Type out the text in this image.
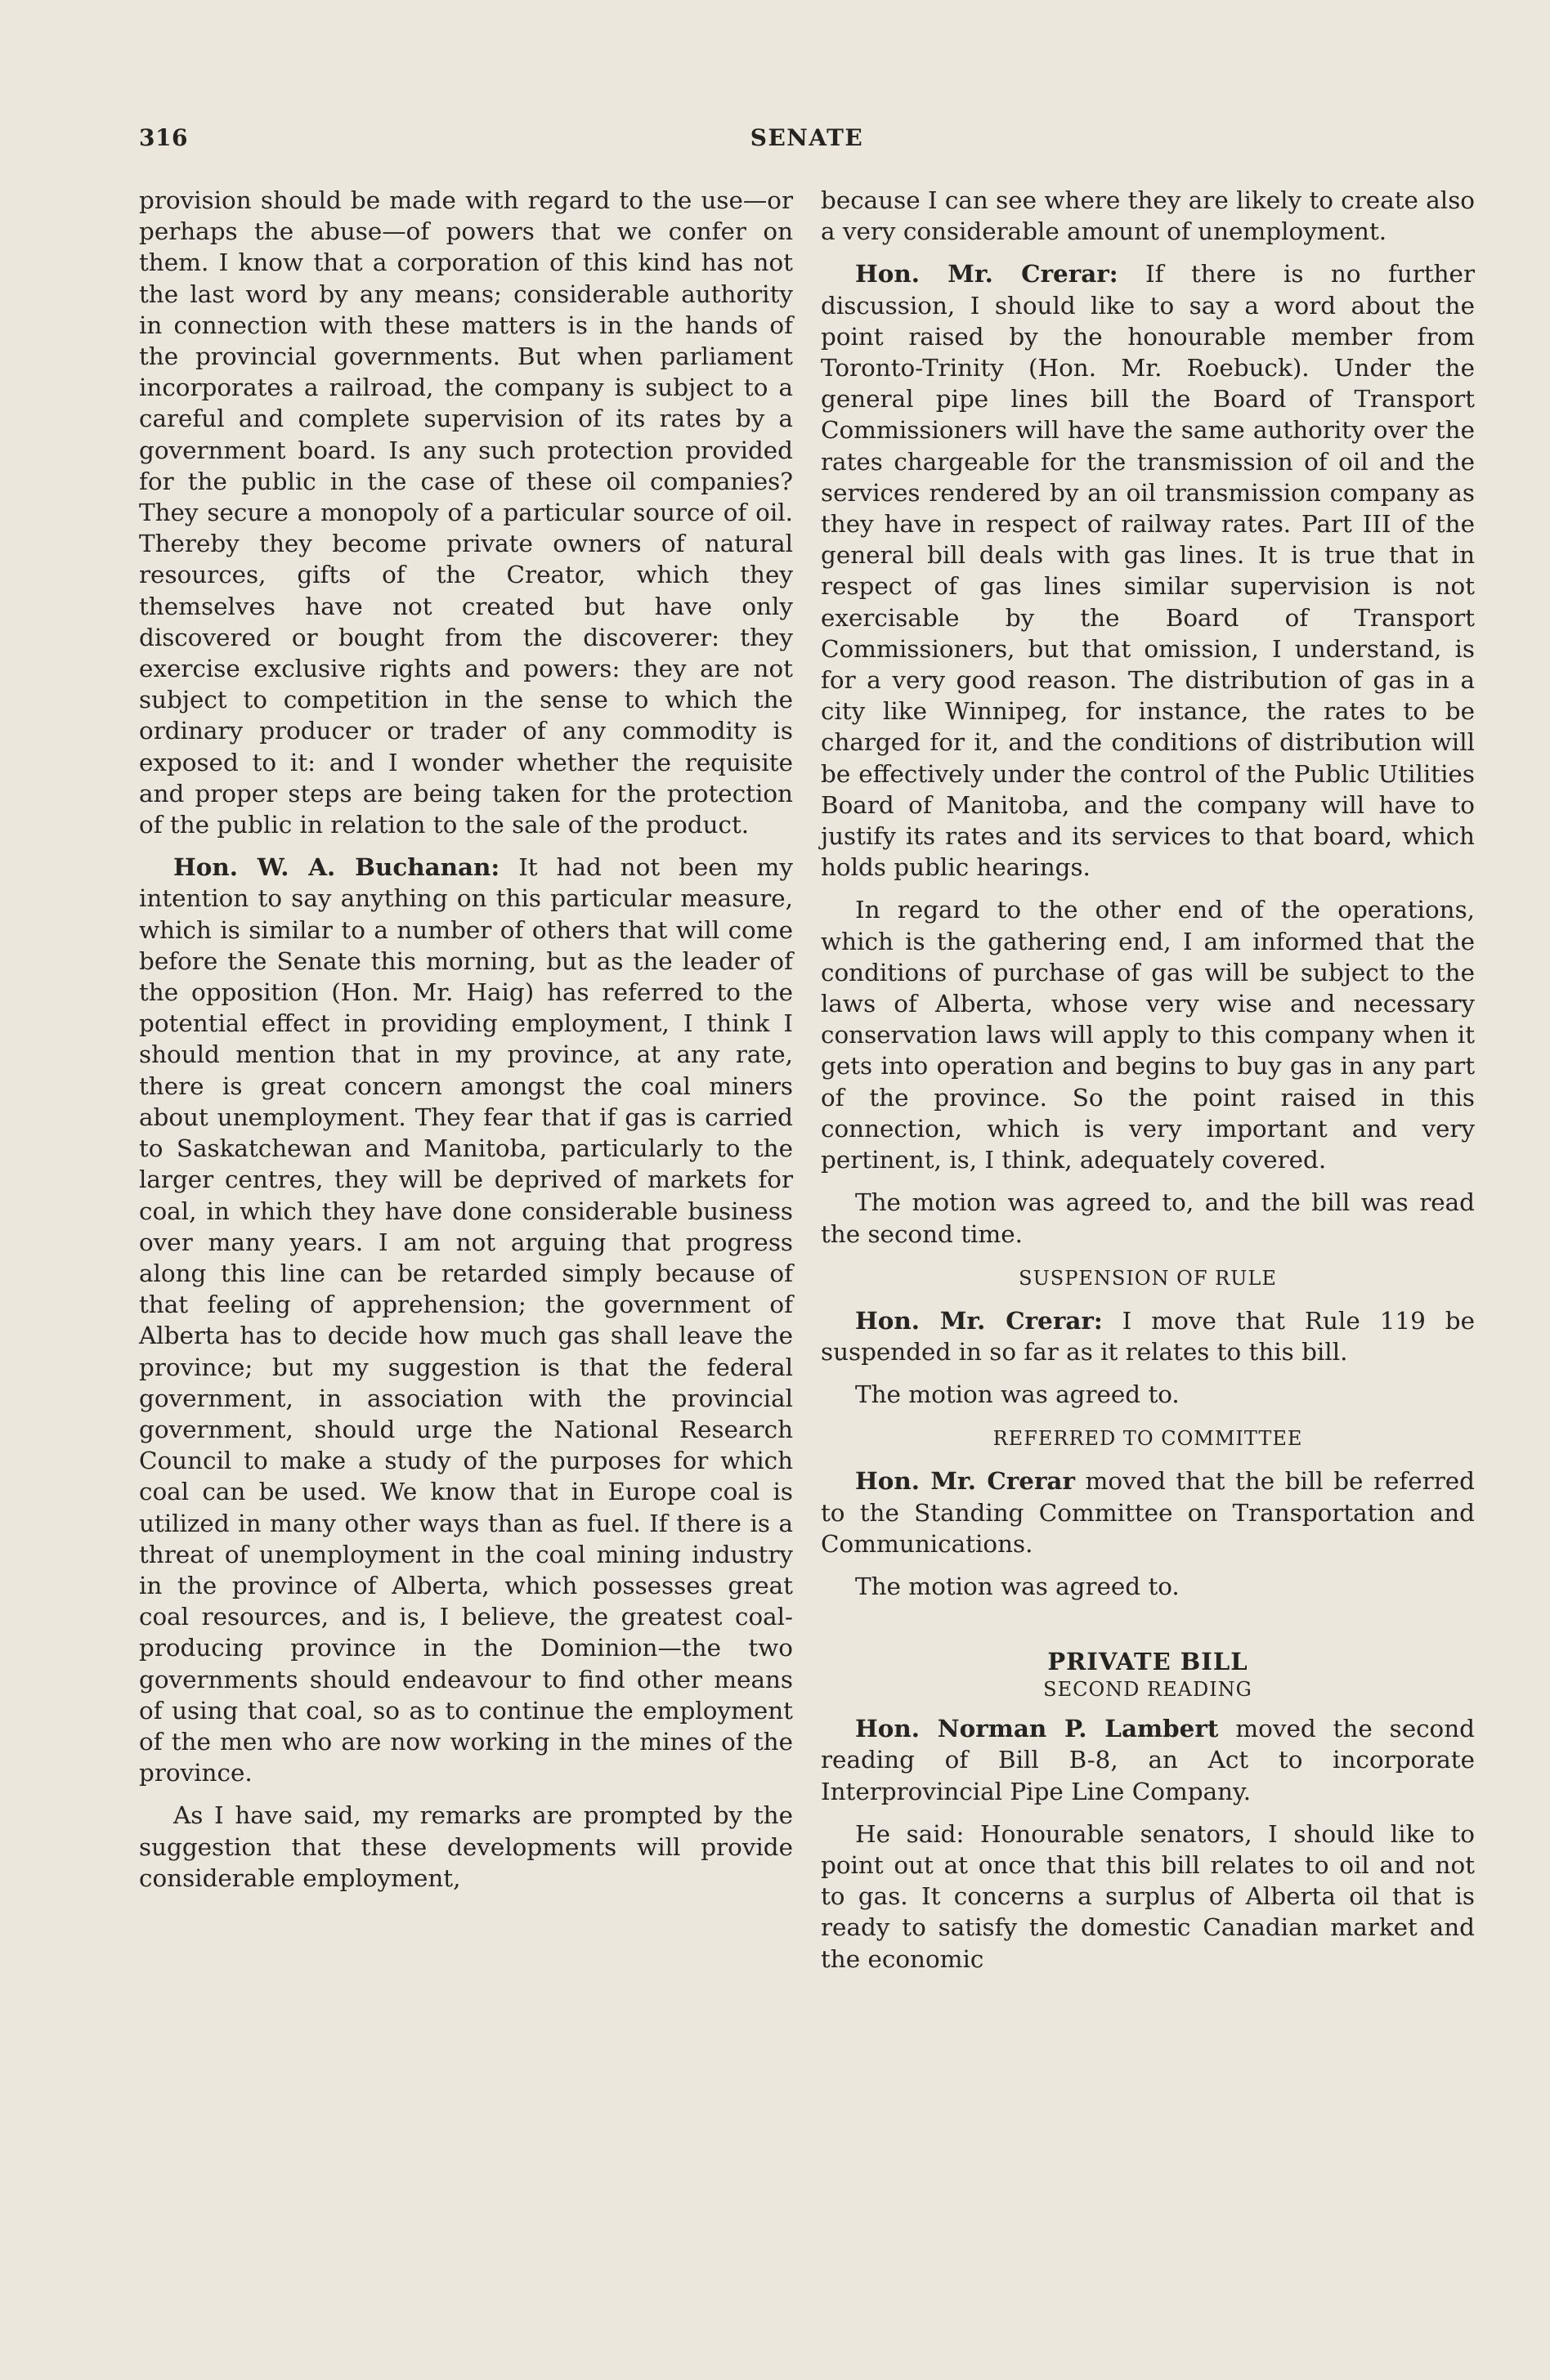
316	SENATE

provision should be made with regard to the use—or perhaps the abuse—of powers that we confer on them. I know that a corporation of this kind has not the last word by any means; considerable authority in connection with these matters is in the hands of the provincial governments. But when parliament incorporates a railroad, the company is subject to a careful and complete supervision of its rates by a government board. Is any such protection provided for the public in the case of these oil companies? They secure a monopoly of a particular source of oil. Thereby they become private owners of natural resources, gifts of the Creator, which they themselves have not created but have only discovered or bought from the discoverer: they exercise exclusive rights and powers: they are not subject to competition in the sense to which the ordinary producer or trader of any commodity is exposed to it: and I wonder whether the requisite and proper steps are being taken for the protection of the public in relation to the sale of the product.

Hon. W. A. Buchanan: It had not been my intention to say anything on this particular measure, which is similar to a number of others that will come before the Senate this morning, but as the leader of the opposition (Hon. Mr. Haig) has referred to the potential effect in providing employment, I think I should mention that in my province, at any rate, there is great concern amongst the coal miners about unemployment. They fear that if gas is carried to Saskatchewan and Manitoba, particularly to the larger centres, they will be deprived of markets for coal, in which they have done considerable business over many years. I am not arguing that progress along this line can be retarded simply because of that feeling of apprehension; the government of Alberta has to decide how much gas shall leave the province; but my suggestion is that the federal government, in association with the provincial government, should urge the National Research Council to make a study of the purposes for which coal can be used. We know that in Europe coal is utilized in many other ways than as fuel. If there is a threat of unemployment in the coal mining industry in the province of Alberta, which possesses great coal resources, and is, I believe, the greatest coal-producing province in the Dominion—the two governments should endeavour to find other means of using that coal, so as to continue the employment of the men who are now working in the mines of the province.

As I have said, my remarks are prompted by the suggestion that these developments will provide considerable employment,

because I can see where they are likely to create also a very considerable amount of unemployment.

Hon. Mr. Crerar: If there is no further discussion, I should like to say a word about the point raised by the honourable member from Toronto-Trinity (Hon. Mr. Roebuck). Under the general pipe lines bill the Board of Transport Commissioners will have the same authority over the rates chargeable for the transmission of oil and the services rendered by an oil transmission company as they have in respect of railway rates. Part III of the general bill deals with gas lines. It is true that in respect of gas lines similar supervision is not exercisable by the Board of Transport Commissioners, but that omission, I understand, is for a very good reason. The distribution of gas in a city like Winnipeg, for instance, the rates to be charged for it, and the conditions of distribution will be effectively under the control of the Public Utilities Board of Manitoba, and the company will have to justify its rates and its services to that board, which holds public hearings.

In regard to the other end of the operations, which is the gathering end, I am informed that the conditions of purchase of gas will be subject to the laws of Alberta, whose very wise and necessary conservation laws will apply to this company when it gets into operation and begins to buy gas in any part of the province. So the point raised in this connection, which is very important and very pertinent, is, I think, adequately covered.

The motion was agreed to, and the bill was read the second time.

SUSPENSION OF RULE

Hon. Mr. Crerar: I move that Rule 119 be suspended in so far as it relates to this bill.

The motion was agreed to.

REFERRED TO COMMITTEE

Hon. Mr. Crerar moved that the bill be referred to the Standing Committee on Transportation and Communications.

The motion was agreed to.

PRIVATE BILL
SECOND READING

Hon. Norman P. Lambert moved the second reading of Bill B-8, an Act to incorporate Interprovincial Pipe Line Company.

He said: Honourable senators, I should like to point out at once that this bill relates to oil and not to gas. It concerns a surplus of Alberta oil that is ready to satisfy the domestic Canadian market and the economic
